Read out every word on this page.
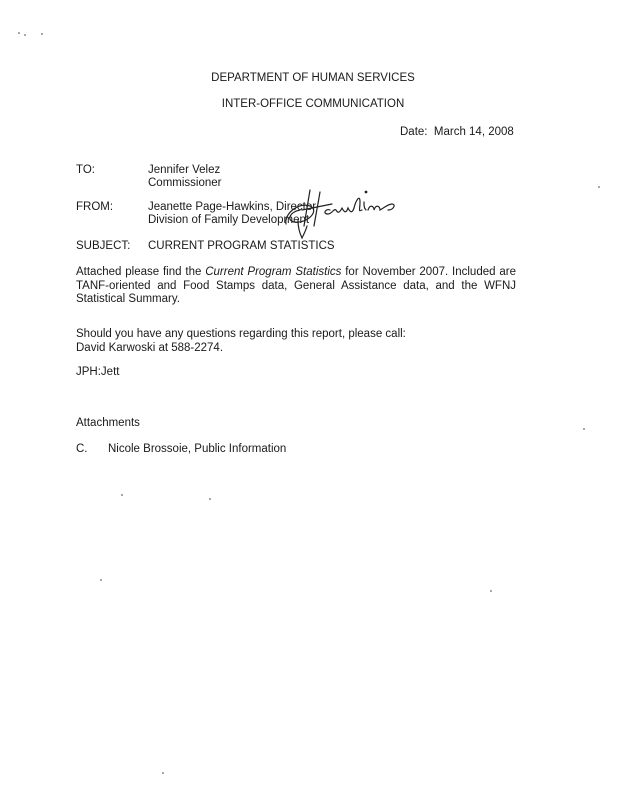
DEPARTMENT OF HUMAN SERVICES
INTER-OFFICE COMMUNICATION
Date: March 14, 2008
TO:	Jennifer Velez
Commissioner
FROM:	Jeanette Page-Hawkins, Director
Division of Family Development
SUBJECT: CURRENT PROGRAM STATISTICS
Attached please find the Current Program Statistics for November 2007. Included are
TANF-oriented and Food Stamps data, General Assistance data, and the WFNJ
Statistical Summary.
Should you have any questions regarding this report, please call:
David Karwoski at 588-2274.
JPH:Jett
Attachments
C. Nicole Brossoie, Public Information
